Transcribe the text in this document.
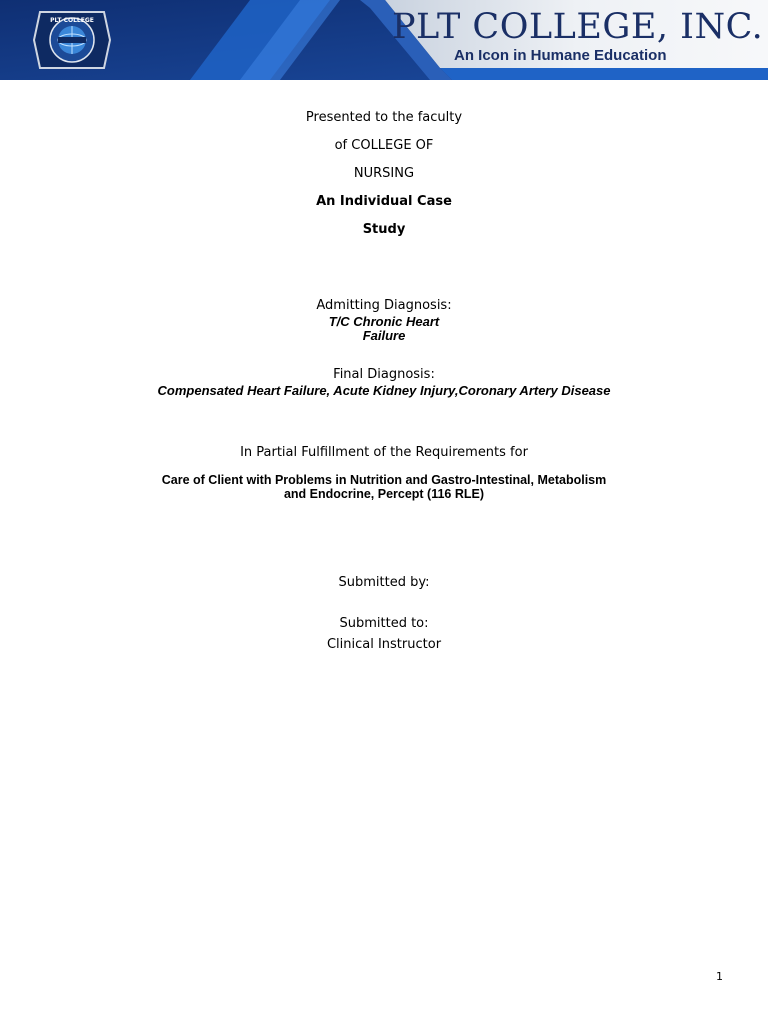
PLT COLLEGE	PLT COLLEGE, INC.
An Icon in Humane Education
Presented to the faculty
of COLLEGE OF
NURSING
An Individual Case
Study
Admitting Diagnosis:
T/C Chronic Heart
Failure
Final Diagnosis:
Compensated Heart Failure, Acute Kidney Injury,Coronary Artery Disease
In Partial Fulfillment of the Requirements for
Care of Client with Problems in Nutrition and Gastro-Intestinal, Metabolism
and Endocrine, Percept (116 RLE)
Submitted by:
Submitted to:
Clinical Instructor
1
